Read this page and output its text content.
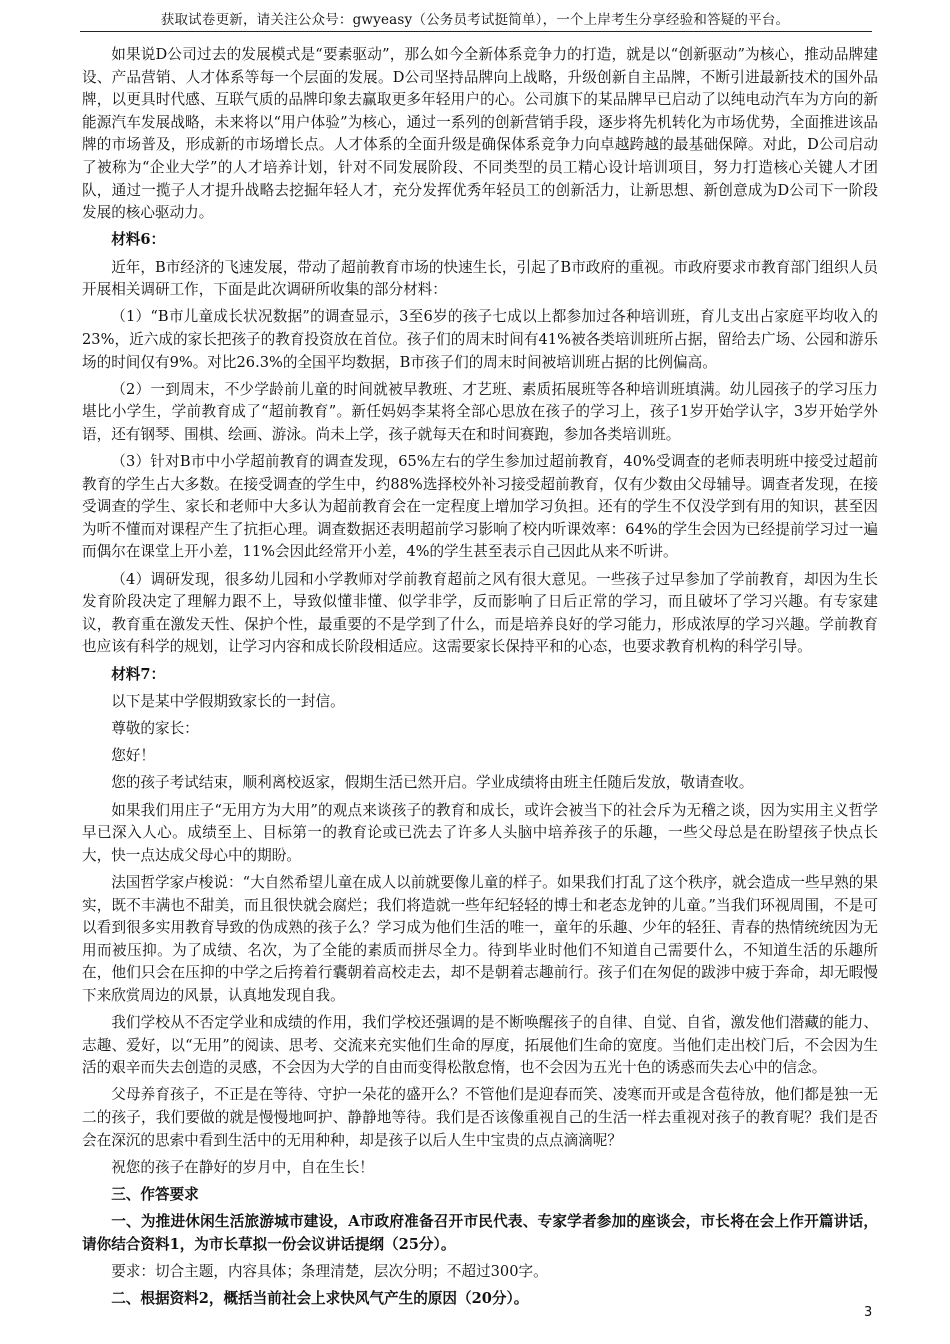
获取试卷更新，请关注公众号：gwyeasy（公务员考试挺简单），一个上岸考生分享经验和答疑的平台。

如果说D公司过去的发展模式是“要素驱动”，那么如今全新体系竞争力的打造，就是以“创新驱动”为核心，推动品牌建设、产品营销、人才体系等每一个层面的发展。D公司坚持品牌向上战略，升级创新自主品牌，不断引进最新技术的国外品牌，以更具时代感、互联气质的品牌印象去赢取更多年轻用户的心。公司旗下的某品牌早已启动了以纯电动汽车为方向的新能源汽车发展战略，未来将以“用户体验”为核心，通过一系列的创新营销手段，逐步将先机转化为市场优势，全面推进该品牌的市场普及，形成新的市场增长点。人才体系的全面升级是确保体系竞争力向卓越跨越的最基础保障。对此，D公司启动了被称为“企业大学”的人才培养计划，针对不同发展阶段、不同类型的员工精心设计培训项目，努力打造核心关键人才团队，通过一揽子人才提升战略去挖掘年轻人才，充分发挥优秀年轻员工的创新活力，让新思想、新创意成为D公司下一阶段发展的核心驱动力。

材料6：

近年，B市经济的飞速发展，带动了超前教育市场的快速生长，引起了B市政府的重视。市政府要求市教育部门组织人员开展相关调研工作，下面是此次调研所收集的部分材料：

（1）“B市儿童成长状况数据”的调查显示，3至6岁的孩子七成以上都参加过各种培训班，育儿支出占家庭平均收入的23%，近六成的家长把孩子的教育投资放在首位。孩子们的周末时间有41%被各类培训班所占据，留给去广场、公园和游乐场的时间仅有9%。对比26.3%的全国平均数据，B市孩子们的周末时间被培训班占据的比例偏高。

（2）一到周末，不少学龄前儿童的时间就被早教班、才艺班、素质拓展班等各种培训班填满。幼儿园孩子的学习压力堪比小学生，学前教育成了“超前教育”。新任妈妈李某将全部心思放在孩子的学习上，孩子1岁开始学认字，3岁开始学外语，还有钢琴、围棋、绘画、游泳。尚未上学，孩子就每天在和时间赛跑，参加各类培训班。

（3）针对B市中小学超前教育的调查发现，65%左右的学生参加过超前教育，40%受调查的老师表明班中接受过超前教育的学生占大多数。在接受调查的学生中，约88%选择校外补习接受超前教育，仅有少数由父母辅导。调查者发现，在接受调查的学生、家长和老师中大多认为超前教育会在一定程度上增加学习负担。还有的学生不仅没学到有用的知识，甚至因为听不懂而对课程产生了抗拒心理。调查数据还表明超前学习影响了校内听课效率：64%的学生会因为已经提前学习过一遍而偶尔在课堂上开小差，11%会因此经常开小差，4%的学生甚至表示自己因此从来不听讲。

（4）调研发现，很多幼儿园和小学教师对学前教育超前之风有很大意见。一些孩子过早参加了学前教育，却因为生长发育阶段决定了理解力跟不上，导致似懂非懂、似学非学，反而影响了日后正常的学习，而且破坏了学习兴趣。有专家建议，教育重在激发天性、保护个性，最重要的不是学到了什么，而是培养良好的学习能力，形成浓厚的学习兴趣。学前教育也应该有科学的规划，让学习内容和成长阶段相适应。这需要家长保持平和的心态，也要求教育机构的科学引导。

材料7：

以下是某中学假期致家长的一封信。

尊敬的家长：

您好！

您的孩子考试结束，顺利离校返家，假期生活已然开启。学业成绩将由班主任随后发放，敬请查收。

如果我们用庄子“无用方为大用”的观点来谈孩子的教育和成长，或许会被当下的社会斥为无稽之谈，因为实用主义哲学早已深入人心。成绩至上、目标第一的教育论或已洗去了许多人头脑中培养孩子的乐趣，一些父母总是在盼望孩子快点长大，快一点达成父母心中的期盼。

法国哲学家卢梭说：“大自然希望儿童在成人以前就要像儿童的样子。如果我们打乱了这个秩序，就会造成一些早熟的果实，既不丰满也不甜美，而且很快就会腐烂；我们将造就一些年纪轻轻的博士和老态龙钟的儿童。”当我们环视周围，不是可以看到很多实用教育导致的伪成熟的孩子么？学习成为他们生活的唯一，童年的乐趣、少年的轻狂、青春的热情统统因为无用而被压抑。为了成绩、名次，为了全能的素质而拼尽全力。待到毕业时他们不知道自己需要什么，不知道生活的乐趣所在，他们只会在压抑的中学之后挎着行囊朝着高校走去，却不是朝着志趣前行。孩子们在匆促的跋涉中疲于奔命，却无暇慢下来欣赏周边的风景，认真地发现自我。

我们学校从不否定学业和成绩的作用，我们学校还强调的是不断唤醒孩子的自律、自觉、自省，激发他们潜藏的能力、志趣、爱好，以“无用”的阅读、思考、交流来充实他们生命的厚度，拓展他们生命的宽度。当他们走出校门后，不会因为生活的艰辛而失去创造的灵感，不会因为大学的自由而变得松散怠惰，也不会因为五光十色的诱惑而失去心中的信念。

父母养育孩子，不正是在等待、守护一朵花的盛开么？不管他们是迎春而笑、凌寒而开或是含苞待放，他们都是独一无二的孩子，我们要做的就是慢慢地呵护、静静地等待。我们是否该像重视自己的生活一样去重视对孩子的教育呢？我们是否会在深沉的思索中看到生活中的无用种种，却是孩子以后人生中宝贵的点点滴滴呢？

祝您的孩子在静好的岁月中，自在生长！

三、作答要求

一、为推进休闲生活旅游城市建设，A市政府准备召开市民代表、专家学者参加的座谈会，市长将在会上作开篇讲话，请你结合资料1，为市长草拟一份会议讲话提纲（25分）。

要求：切合主题，内容具体；条理清楚，层次分明；不超过300字。

二、根据资料2，概括当前社会上求快风气产生的原因（20分）。

3
